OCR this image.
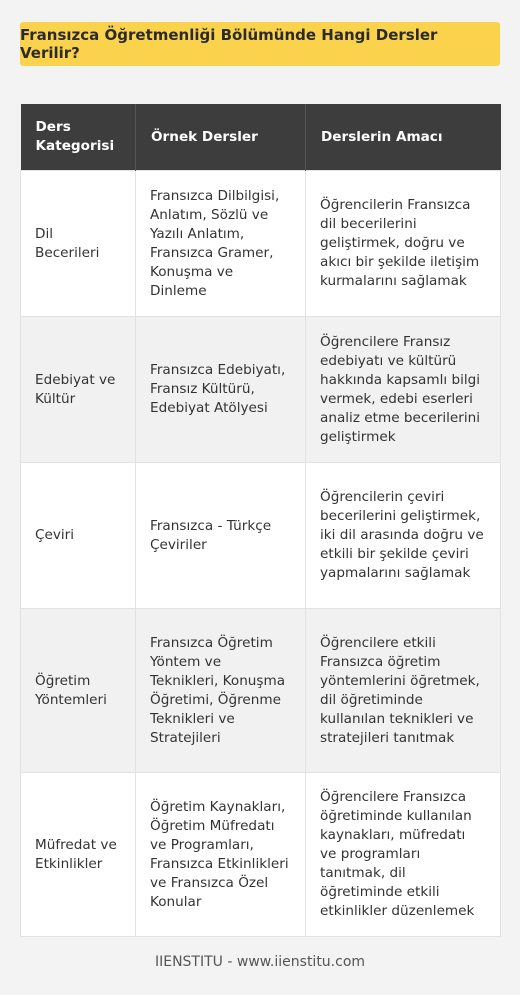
Fransızca Öğretmenliği Bölümünde Hangi Dersler Verilir?
Ders Kategorisi	Örnek Dersler	Derslerin Amacı
Dil Becerileri	Fransızca Dilbilgisi, Anlatım, Sözlü ve Yazılı Anlatım, Fransızca Gramer, Konuşma ve Dinleme	Öğrencilerin Fransızca dil becerilerini geliştirmek, doğru ve akıcı bir şekilde iletişim kurmalarını sağlamak
Edebiyat ve Kültür	Fransızca Edebiyatı, Fransız Kültürü, Edebiyat Atölyesi	Öğrencilere Fransız edebiyatı ve kültürü hakkında kapsamlı bilgi vermek, edebi eserleri analiz etme becerilerini geliştirmek
Çeviri	Fransızca - Türkçe Çeviriler	Öğrencilerin çeviri becerilerini geliştirmek, iki dil arasında doğru ve etkili bir şekilde çeviri yapmalarını sağlamak
Öğretim Yöntemleri	Fransızca Öğretim Yöntem ve Teknikleri, Konuşma Öğretimi, Öğrenme Teknikleri ve Stratejileri	Öğrencilere etkili Fransızca öğretim yöntemlerini öğretmek, dil öğretiminde kullanılan teknikleri ve stratejileri tanıtmak
Müfredat ve Etkinlikler	Öğretim Kaynakları, Öğretim Müfredatı ve Programları, Fransızca Etkinlikleri ve Fransızca Özel Konular	Öğrencilere Fransızca öğretiminde kullanılan kaynakları, müfredatı ve programları tanıtmak, dil öğretiminde etkili etkinlikler düzenlemek
IIENSTITU - www.iienstitu.com
